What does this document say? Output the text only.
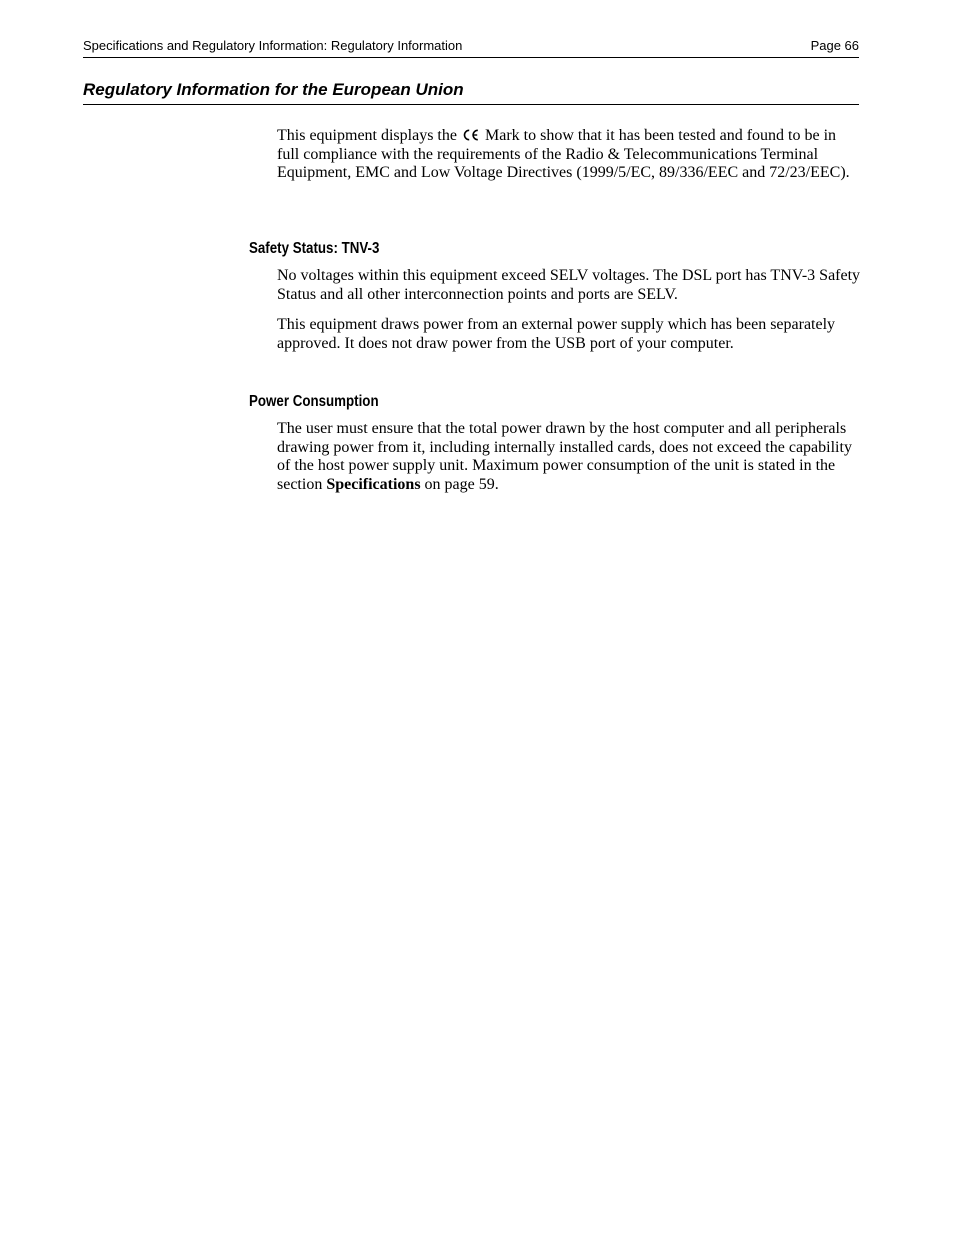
Specifications and Regulatory Information: Regulatory Information	Page 66
Regulatory Information for the European Union

This equipment displays the Mark to show that it has been tested and found to be in full compliance with the requirements of the Radio & Telecommunications Terminal Equipment, EMC and Low Voltage Directives (1999/5/EC, 89/336/EEC and 72/23/EEC).

Safety Status: TNV-3

No voltages within this equipment exceed SELV voltages. The DSL port has TNV-3 Safety Status and all other interconnection points and ports are SELV.

This equipment draws power from an external power supply which has been separately approved. It does not draw power from the USB port of your computer.

Power Consumption

The user must ensure that the total power drawn by the host computer and all peripherals drawing power from it, including internally installed cards, does not exceed the capability of the host power supply unit. Maximum power consumption of the unit is stated in the section Specifications on page 59.
